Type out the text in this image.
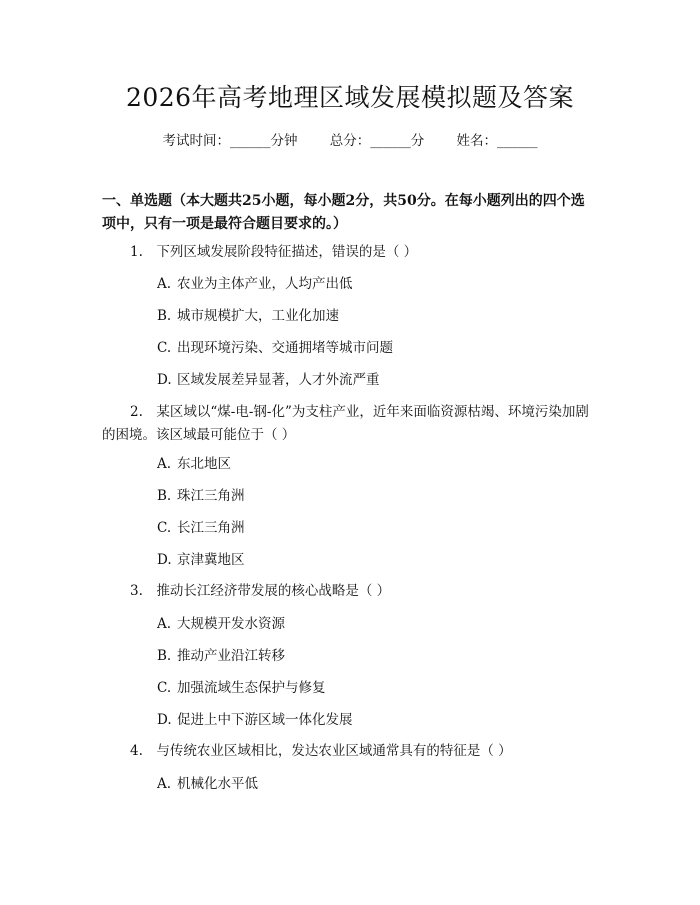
2026年高考地理区域发展模拟题及答案
考试时间：______分钟 总分：______分 姓名：______

一、单选题（本大题共25小题，每小题2分，共50分。在每小题列出的四个选项中，只有一项是最符合题目要求的。）

1.　下列区域发展阶段特征描述，错误的是（ ）

A. 农业为主体产业，人均产出低
B. 城市规模扩大，工业化加速
C. 出现环境污染、交通拥堵等城市问题
D. 区域发展差异显著，人才外流严重

2.　某区域以“煤-电-钢-化”为支柱产业，近年来面临资源枯竭、环境污染加剧的困境。该区域最可能位于（ ）

A. 东北地区
B. 珠江三角洲
C. 长江三角洲
D. 京津冀地区

3.　推动长江经济带发展的核心战略是（ ）

A. 大规模开发水资源
B. 推动产业沿江转移
C. 加强流域生态保护与修复
D. 促进上中下游区域一体化发展

4.　与传统农业区域相比，发达农业区域通常具有的特征是（ ）

A. 机械化水平低
